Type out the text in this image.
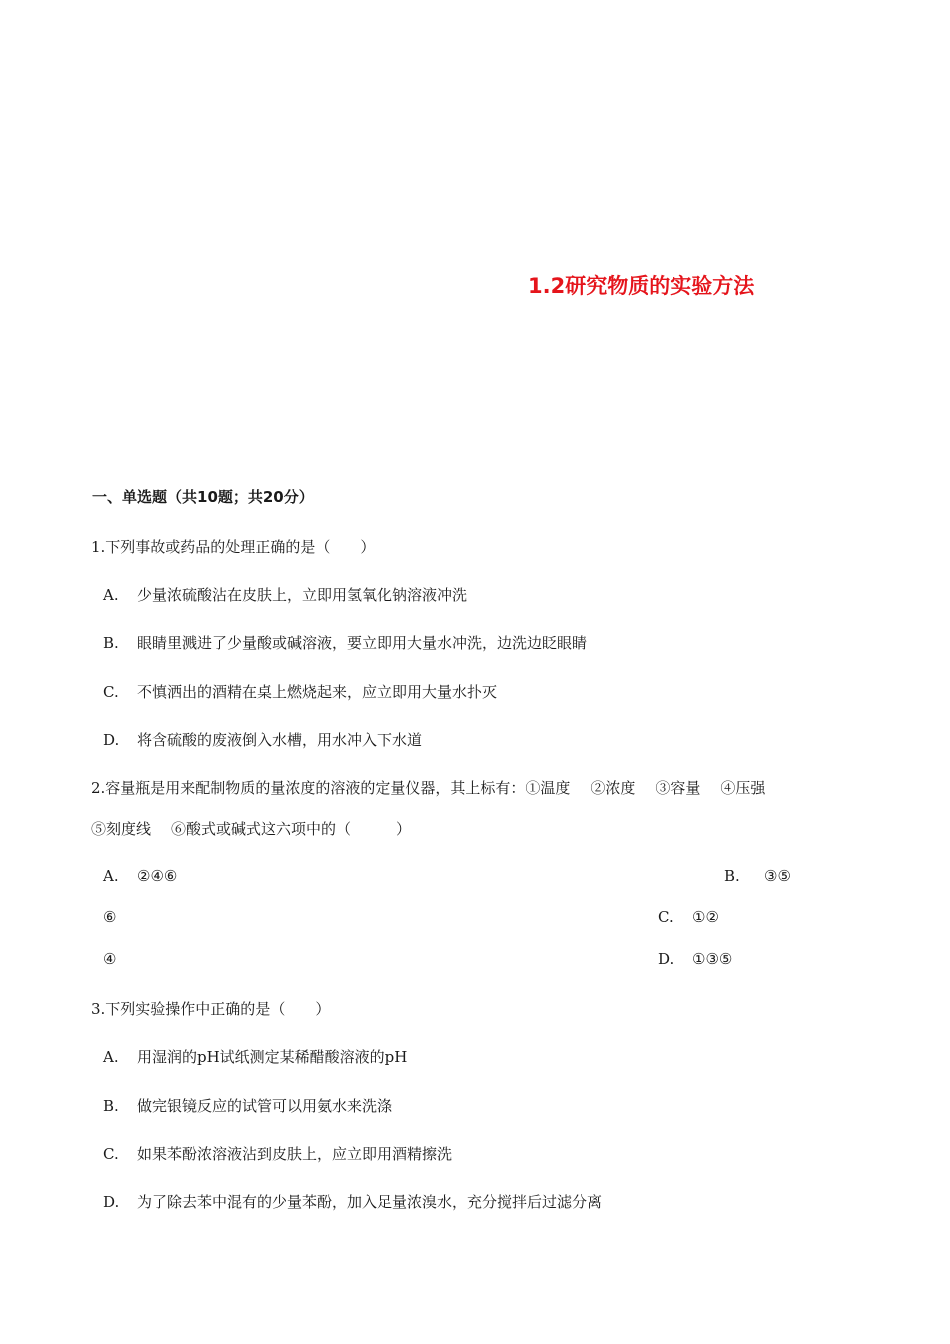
1.2研究物质的实验方法
一、单选题（共10题；共20分）
1.下列事故或药品的处理正确的是（　　）
A. 少量浓硫酸沾在皮肤上，立即用氢氧化钠溶液冲洗
B. 眼睛里溅进了少量酸或碱溶液，要立即用大量水冲洗，边洗边眨眼睛
C. 不慎洒出的酒精在桌上燃烧起来，应立即用大量水扑灭
D. 将含硫酸的废液倒入水槽，用水冲入下水道
2.容量瓶是用来配制物质的量浓度的溶液的定量仪器，其上标有：①温度 ②浓度 ③容量 ④压强
⑤刻度线 ⑥酸式或碱式这六项中的（　　　）
A. ②④⑥	B. ③⑤
⑥	C. ①②
④	D. ①③⑤
3.下列实验操作中正确的是（　　）
A. 用湿润的pH试纸测定某稀醋酸溶液的pH
B. 做完银镜反应的试管可以用氨水来洗涤
C. 如果苯酚浓溶液沾到皮肤上，应立即用酒精擦洗
D. 为了除去苯中混有的少量苯酚，加入足量浓溴水，充分搅拌后过滤分离
